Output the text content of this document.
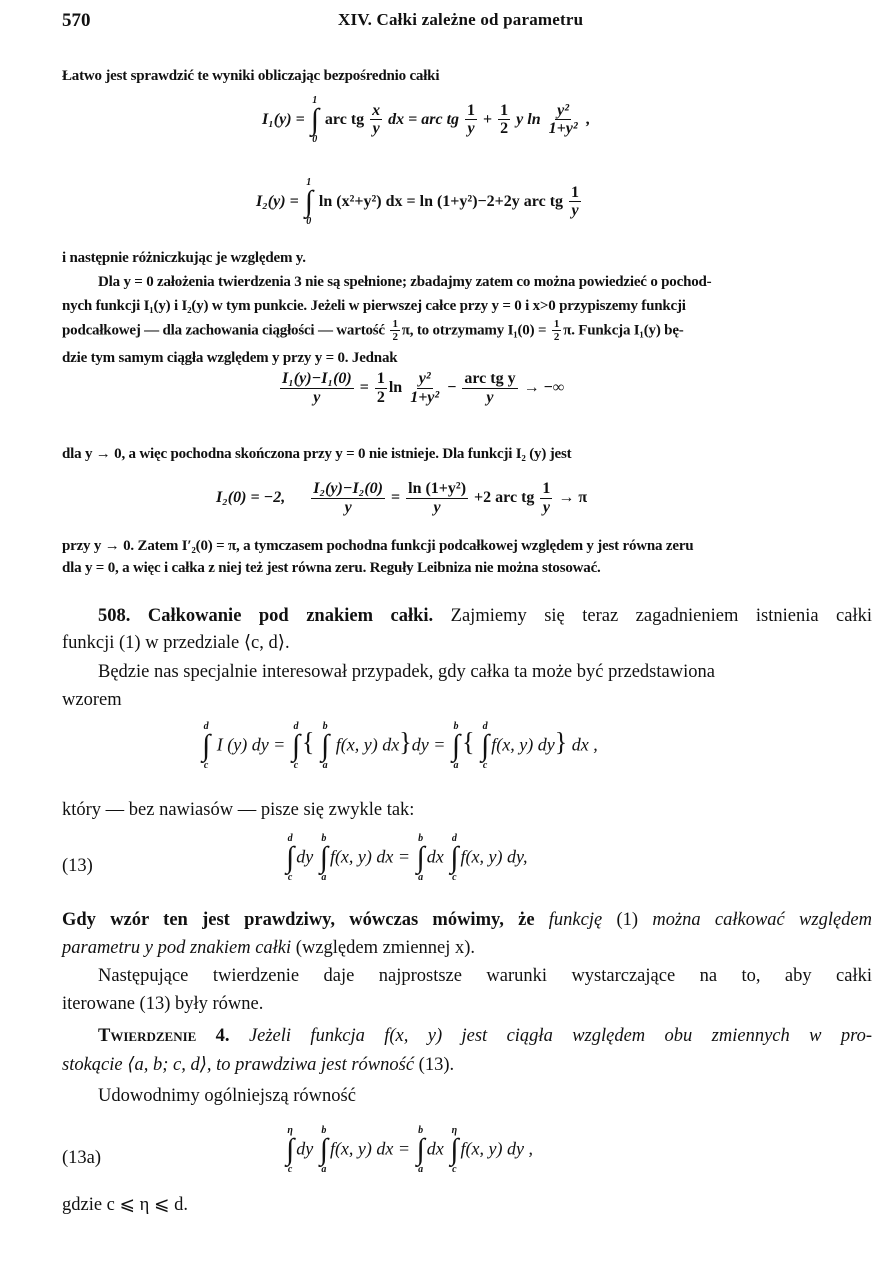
570	XIV. Całki zależne od parametru
Łatwo jest sprawdzić te wyniki obliczając bezpośrednio całki
I₁(y) =
1
∫
0
arc tg $\frac{x}{y}$ dx = arc tg $\frac{1}{y} + \frac{1}{2}$ y $\ln \frac{\text{y²}}{\text{1+y²}}$ ,
I₂(y) =
1
∫
0
ln (x²+y²) dx = ln (1+y²)−2+2y arc tg $\frac{1}{y}$
i następnie różniczkując je względem y.
Dla y = 0 założenia twierdzenia 3 nie są spełnione; zbadajmy zatem co można powiedzieć o pochod-
nych funkcji I₁(y) i I₂(y) w tym punkcie. Jeżeli w pierwszej całce przy y = 0 i x>0 przypiszemy funkcji
podcałkowej — dla zachowania ciągłości — wartość $\frac{1}{2} \pi$, to otrzymamy $I_1(0) = \frac{1}{2} \pi$. Funkcja I₁(y) bę-
dzie tym samym ciągła względem y przy y = 0. Jednak
$\frac{\text{I₁(y)−I₁(0)}}{y} = \frac{1}{2}$ $\ln \frac{\text{y²}}{\text{1+y²}} - \frac{\text{arc tg y}}{y}$ → −∞
dla y → 0, a więc pochodna skończona przy y = 0 nie istnieje. Dla funkcji I₂ (y) jest
I₂(0) = −2, $\frac{\text{I₂(y)−I₂(0)}}{y} = \frac{\text{ln (1+y²)}}{y} +2$ arc tg $\frac{1}{y} \to \pi$
przy y → 0. Zatem I′₂(0) = π, a tymczasem pochodna funkcji podcałkowej względem y jest równa zeru
dla y = 0, a więc i całka z niej też jest równa zeru. Reguły Leibniza nie można stosować.
508. Całkowanie pod znakiem całki. Zajmiemy się teraz zagadnieniem istnienia całki
funkcji (1) w przedziale ⟨c, d⟩.
Będzie nas specjalnie interesował przypadek, gdy całka ta może być przedstawiona
wzorem
d
∫
c
I (y) dy =
d
∫
c
{
b
∫
a
f(x, y) dx}dy =
b
∫
a
{
d
∫
c
f(x, y) dy} dx ,
który — bez nawiasów — pisze się zwykle tak:
(13)
d
∫
c
dy
b
∫
a
f(x, y) dx =
b
∫
a
dx
d
∫
c
f(x, y) dy,
Gdy wzór ten jest prawdziwy, wówczas mówimy, że funkcję (1) można całkować względem
parametru y pod znakiem całki (względem zmiennej x).
Następujące twierdzenie daje najprostsze warunki wystarczające na to, aby całki
iterowane (13) były równe.
Twierdzenie 4. Jeżeli funkcja f(x, y) jest ciągła względem obu zmiennych w pro-
stokącie ⟨a, b; c, d⟩, to prawdziwa jest równość (13).
Udowodnimy ogólniejszą równość
(13a)
η
∫
c
dy
b
∫
a
f(x, y) dx =
b
∫
a
dx
η
∫
c
f(x, y) dy ,
gdzie c ⩽ η ⩽ d.
